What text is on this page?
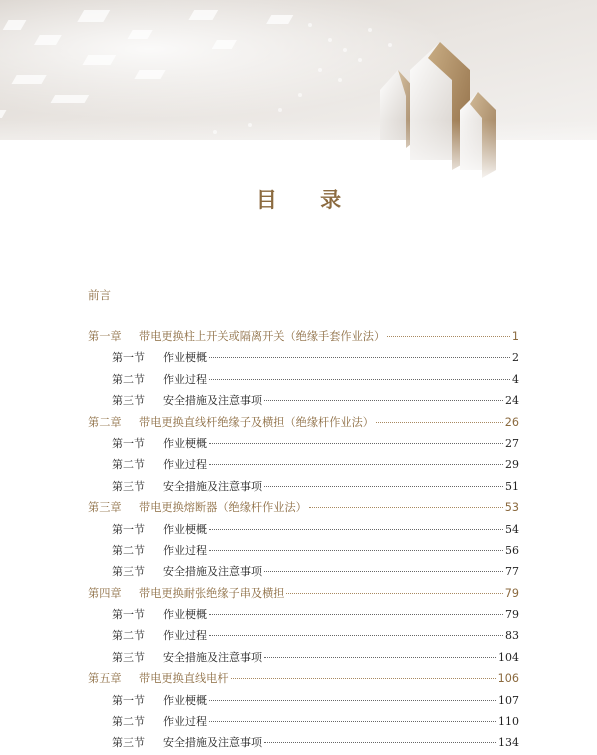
目 录
前言
第一章	带电更换柱上开关或隔离开关（绝缘手套作业法）	1
第一节	作业梗概	2
第二节	作业过程	4
第三节	安全措施及注意事项	24
第二章	带电更换直线杆绝缘子及横担（绝缘杆作业法）	26
第一节	作业梗概	27
第二节	作业过程	29
第三节	安全措施及注意事项	51
第三章	带电更换熔断器（绝缘杆作业法）	53
第一节	作业梗概	54
第二节	作业过程	56
第三节	安全措施及注意事项	77
第四章	带电更换耐张绝缘子串及横担	79
第一节	作业梗概	79
第二节	作业过程	83
第三节	安全措施及注意事项	104
第五章	带电更换直线电杆	106
第一节	作业梗概	107
第二节	作业过程	110
第三节	安全措施及注意事项	134
